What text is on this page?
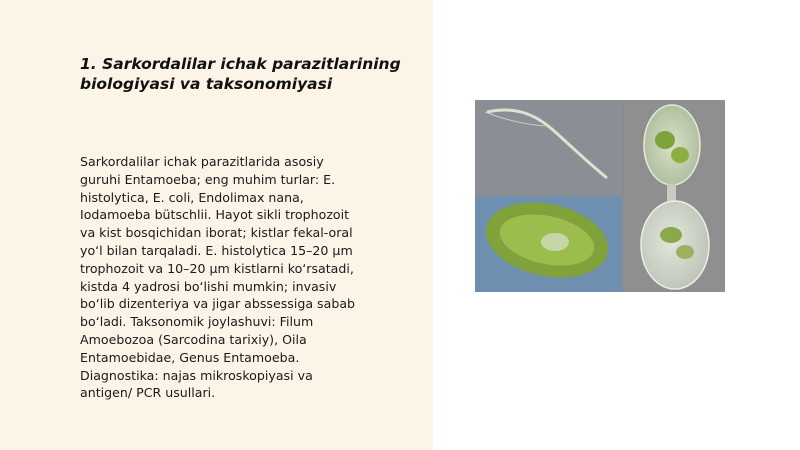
1. Sarkordalilar ichak parazitlarining
biologiyasi va taksonomiyasi

Sarkordalilar ichak parazitlarida asosiy
guruhi Entamoeba; eng muhim turlar: E.
histolytica, E. coli, Endolimax nana,
Iodamoeba bütschlii. Hayot sikli trophozoit
va kist bosqichidan iborat; kistlar fekal-oral
yo‘l bilan tarqaladi. E. histolytica 15–20 µm
trophozoit va 10–20 µm kistlarni ko‘rsatadi,
kistda 4 yadrosi bo‘lishi mumkin; invasiv
bo‘lib dizenteriya va jigar abssessiga sabab
bo‘ladi. Taksonomik joylashuvi: Filum
Amoebozoa (Sarcodina tarixiy), Oila
Entamoebidae, Genus Entamoeba.
Diagnostika: najas mikroskopiyasi va
antigen/ PCR usullari.
